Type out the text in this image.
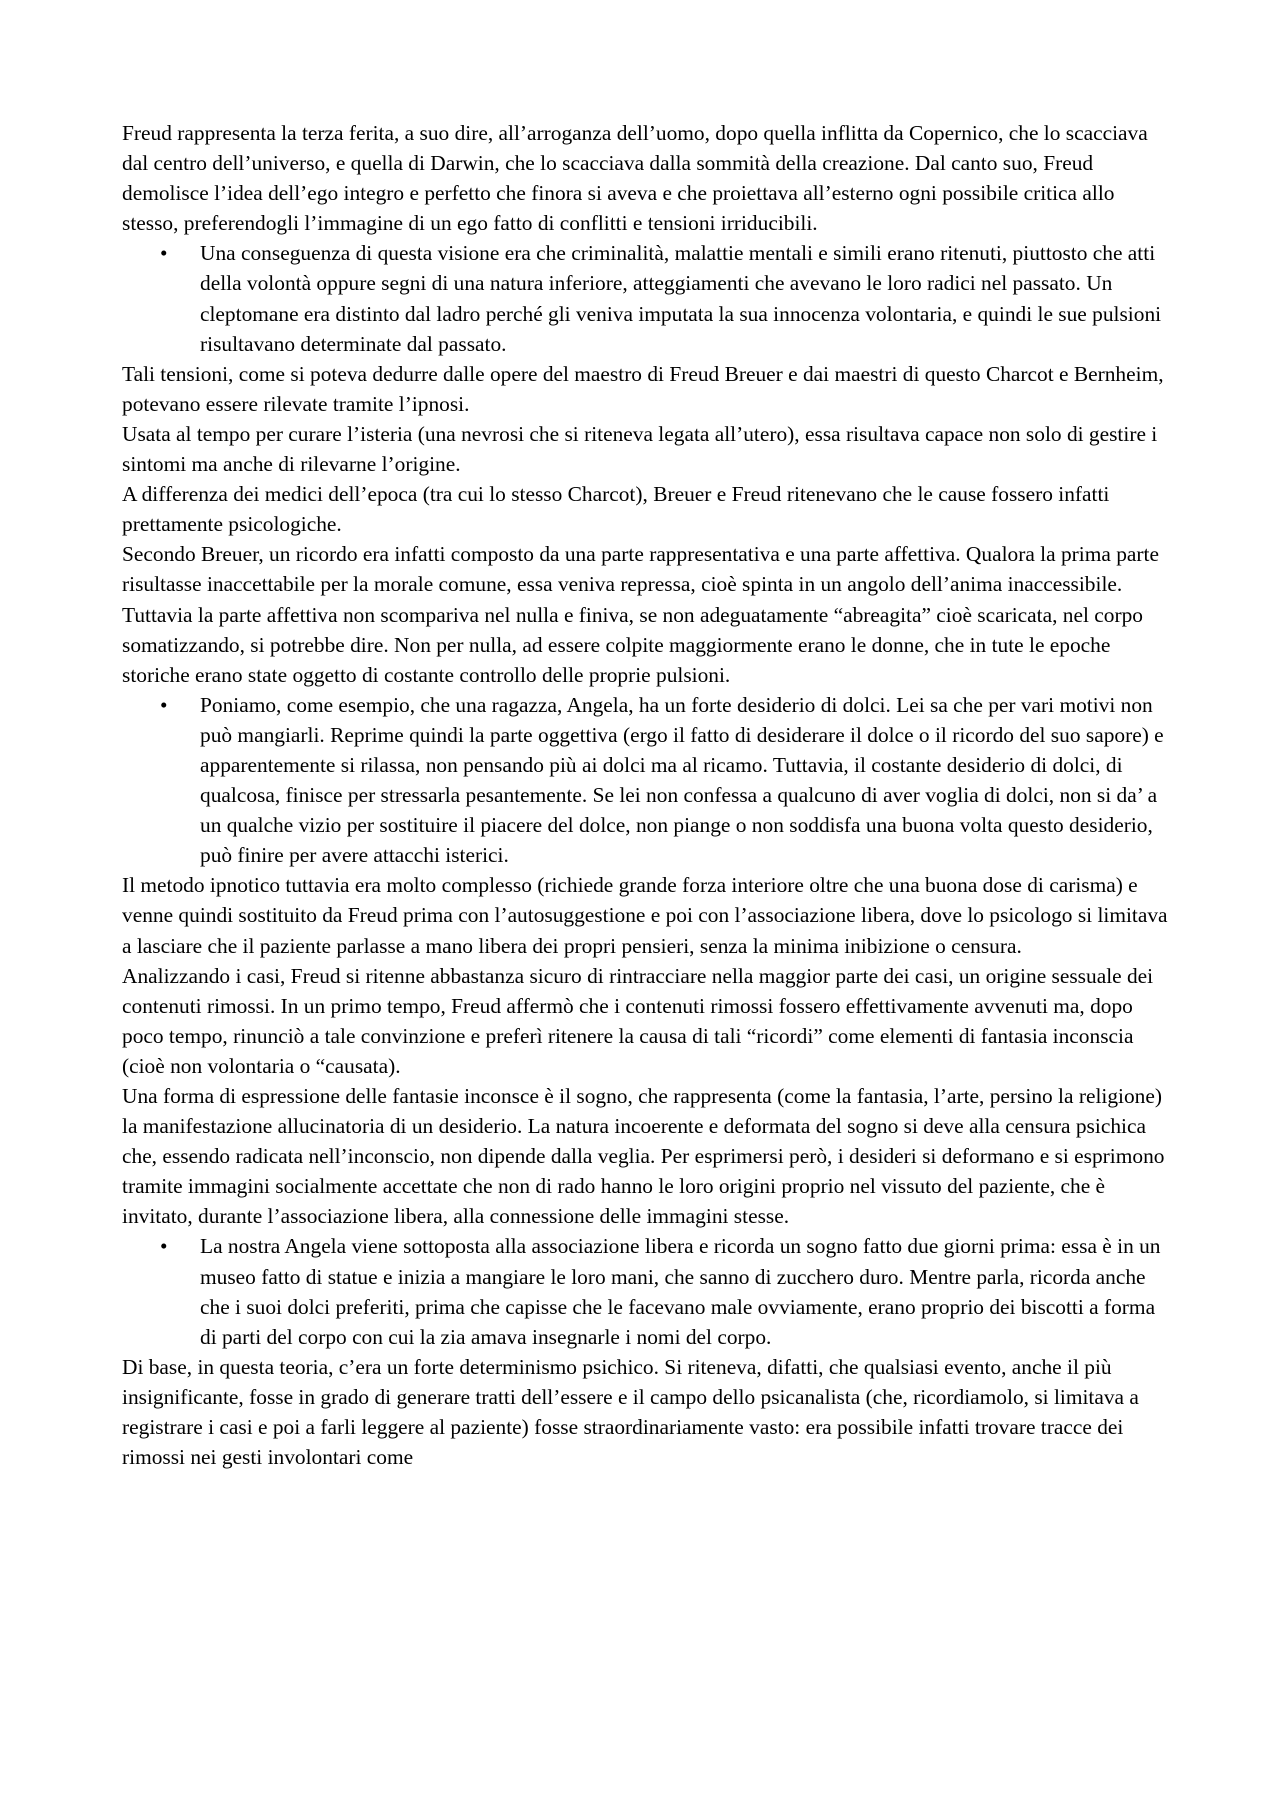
Freud rappresenta la terza ferita, a suo dire, all’arroganza dell’uomo, dopo quella inflitta da Copernico, che lo scacciava dal centro dell’universo, e quella di Darwin, che lo scacciava dalla sommità della creazione. Dal canto suo, Freud demolisce l’idea dell’ego integro e perfetto che finora si aveva e che proiettava all’esterno ogni possibile critica allo stesso, preferendogli l’immagine di un ego fatto di conflitti e tensioni irriducibili.

• Una conseguenza di questa visione era che criminalità, malattie mentali e simili erano ritenuti, piuttosto che atti della volontà oppure segni di una natura inferiore, atteggiamenti che avevano le loro radici nel passato. Un cleptomane era distinto dal ladro perché gli veniva imputata la sua innocenza volontaria, e quindi le sue pulsioni risultavano determinate dal passato.

Tali tensioni, come si poteva dedurre dalle opere del maestro di Freud Breuer e dai maestri di questo Charcot e Bernheim, potevano essere rilevate tramite l’ipnosi.

Usata al tempo per curare l’isteria (una nevrosi che si riteneva legata all’utero), essa risultava capace non solo di gestire i sintomi ma anche di rilevarne l’origine.

A differenza dei medici dell’epoca (tra cui lo stesso Charcot), Breuer e Freud ritenevano che le cause fossero infatti prettamente psicologiche.

Secondo Breuer, un ricordo era infatti composto da una parte rappresentativa e una parte affettiva. Qualora la prima parte risultasse inaccettabile per la morale comune, essa veniva repressa, cioè spinta in un angolo dell’anima inaccessibile. Tuttavia la parte affettiva non scompariva nel nulla e finiva, se non adeguatamente “abreagita” cioè scaricata, nel corpo somatizzando, si potrebbe dire. Non per nulla, ad essere colpite maggiormente erano le donne, che in tute le epoche storiche erano state oggetto di costante controllo delle proprie pulsioni.

• Poniamo, come esempio, che una ragazza, Angela, ha un forte desiderio di dolci. Lei sa che per vari motivi non può mangiarli. Reprime quindi la parte oggettiva (ergo il fatto di desiderare il dolce o il ricordo del suo sapore) e apparentemente si rilassa, non pensando più ai dolci ma al ricamo. Tuttavia, il costante desiderio di dolci, di qualcosa, finisce per stressarla pesantemente. Se lei non confessa a qualcuno di aver voglia di dolci, non si da’ a un qualche vizio per sostituire il piacere del dolce, non piange o non soddisfa una buona volta questo desiderio, può finire per avere attacchi isterici.

Il metodo ipnotico tuttavia era molto complesso (richiede grande forza interiore oltre che una buona dose di carisma) e venne quindi sostituito da Freud prima con l’autosuggestione e poi con l’associazione libera, dove lo psicologo si limitava a lasciare che il paziente parlasse a mano libera dei propri pensieri, senza la minima inibizione o censura.

Analizzando i casi, Freud si ritenne abbastanza sicuro di rintracciare nella maggior parte dei casi, un origine sessuale dei contenuti rimossi. In un primo tempo, Freud affermò che i contenuti rimossi fossero effettivamente avvenuti ma, dopo poco tempo, rinunciò a tale convinzione e preferì ritenere la causa di tali “ricordi” come elementi di fantasia inconscia (cioè non volontaria o “causata).

Una forma di espressione delle fantasie inconsce è il sogno, che rappresenta (come la fantasia, l’arte, persino la religione) la manifestazione allucinatoria di un desiderio. La natura incoerente e deformata del sogno si deve alla censura psichica che, essendo radicata nell’inconscio, non dipende dalla veglia. Per esprimersi però, i desideri si deformano e si esprimono tramite immagini socialmente accettate che non di rado hanno le loro origini proprio nel vissuto del paziente, che è invitato, durante l’associazione libera, alla connessione delle immagini stesse.

• La nostra Angela viene sottoposta alla associazione libera e ricorda un sogno fatto due giorni prima: essa è in un museo fatto di statue e inizia a mangiare le loro mani, che sanno di zucchero duro. Mentre parla, ricorda anche che i suoi dolci preferiti, prima che capisse che le facevano male ovviamente, erano proprio dei biscotti a forma di parti del corpo con cui la zia amava insegnarle i nomi del corpo.

Di base, in questa teoria, c’era un forte determinismo psichico. Si riteneva, difatti, che qualsiasi evento, anche il più insignificante, fosse in grado di generare tratti dell’essere e il campo dello psicanalista (che, ricordiamolo, si limitava a registrare i casi e poi a farli leggere al paziente) fosse straordinariamente vasto: era possibile infatti trovare tracce dei rimossi nei gesti involontari come
